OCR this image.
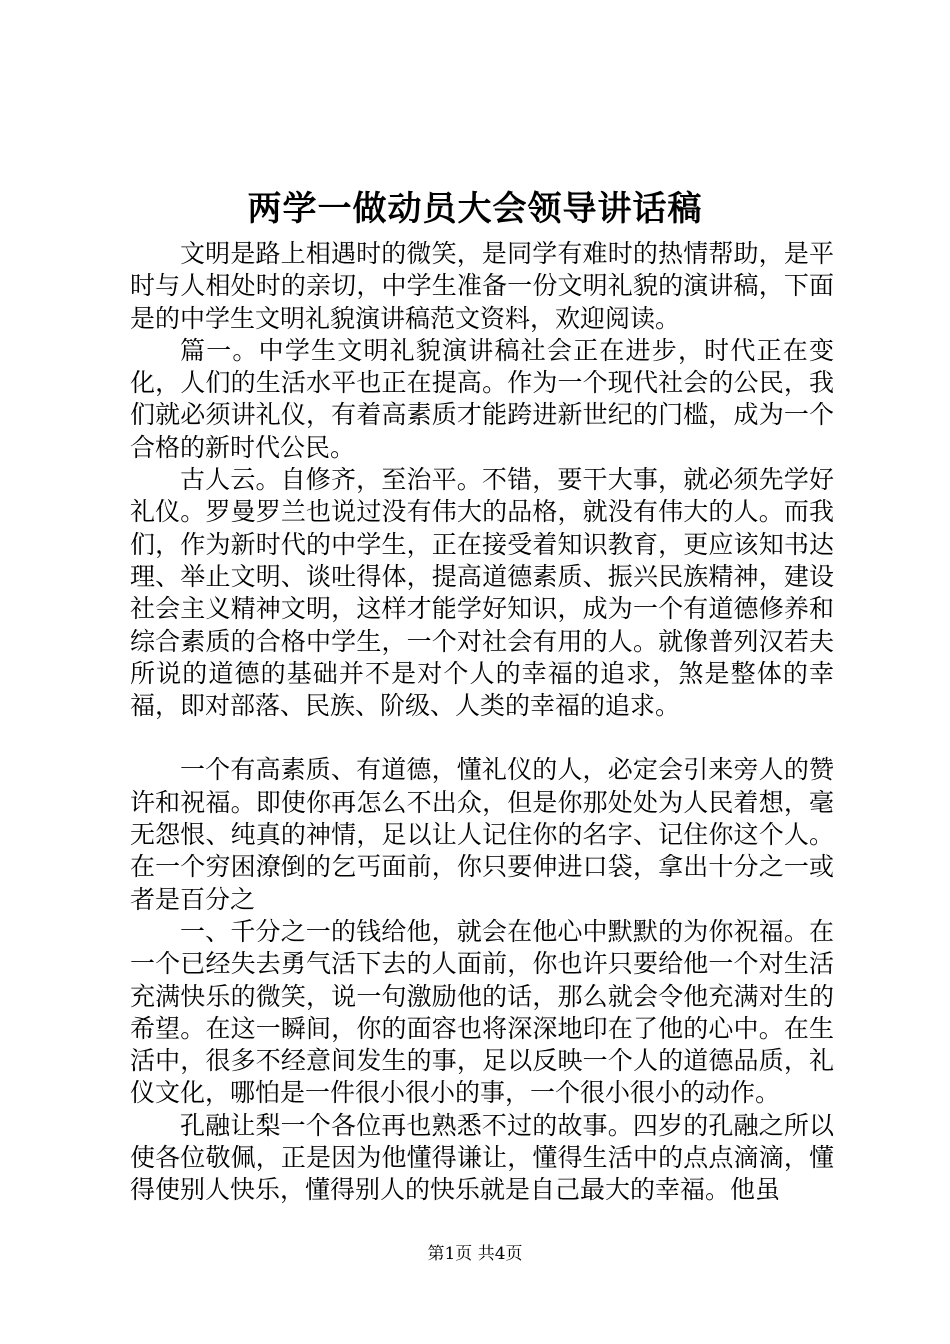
两学一做动员大会领导讲话稿

文明是路上相遇时的微笑，是同学有难时的热情帮助，是平时与人相处时的亲切，中学生准备一份文明礼貌的演讲稿，下面是的中学生文明礼貌演讲稿范文资料，欢迎阅读。

篇一。中学生文明礼貌演讲稿社会正在进步，时代正在变化，人们的生活水平也正在提高。作为一个现代社会的公民，我们就必须讲礼仪，有着高素质才能跨进新世纪的门槛，成为一个合格的新时代公民。

古人云。自修齐，至治平。不错，要干大事，就必须先学好礼仪。罗曼罗兰也说过没有伟大的品格，就没有伟大的人。而我们，作为新时代的中学生，正在接受着知识教育，更应该知书达理、举止文明、谈吐得体，提高道德素质、振兴民族精神，建设社会主义精神文明，这样才能学好知识，成为一个有道德修养和综合素质的合格中学生，一个对社会有用的人。就像普列汉若夫所说的道德的基础并不是对个人的幸福的追求，煞是整体的幸福，即对部落、民族、阶级、人类的幸福的追求。

一个有高素质、有道德，懂礼仪的人，必定会引来旁人的赞许和祝福。即使你再怎么不出众，但是你那处处为人民着想，毫无怨恨、纯真的神情，足以让人记住你的名字、记住你这个人。在一个穷困潦倒的乞丐面前，你只要伸进口袋，拿出十分之一或者是百分之

一、千分之一的钱给他，就会在他心中默默的为你祝福。在一个已经失去勇气活下去的人面前，你也许只要给他一个对生活充满快乐的微笑，说一句激励他的话，那么就会令他充满对生的希望。在这一瞬间，你的面容也将深深地印在了他的心中。在生活中，很多不经意间发生的事，足以反映一个人的道德品质，礼仪文化，哪怕是一件很小很小的事，一个很小很小的动作。

孔融让梨一个各位再也熟悉不过的故事。四岁的孔融之所以使各位敬佩，正是因为他懂得谦让，懂得生活中的点点滴滴，懂得使别人快乐，懂得别人的快乐就是自己最大的幸福。他虽

第1页 共4页
